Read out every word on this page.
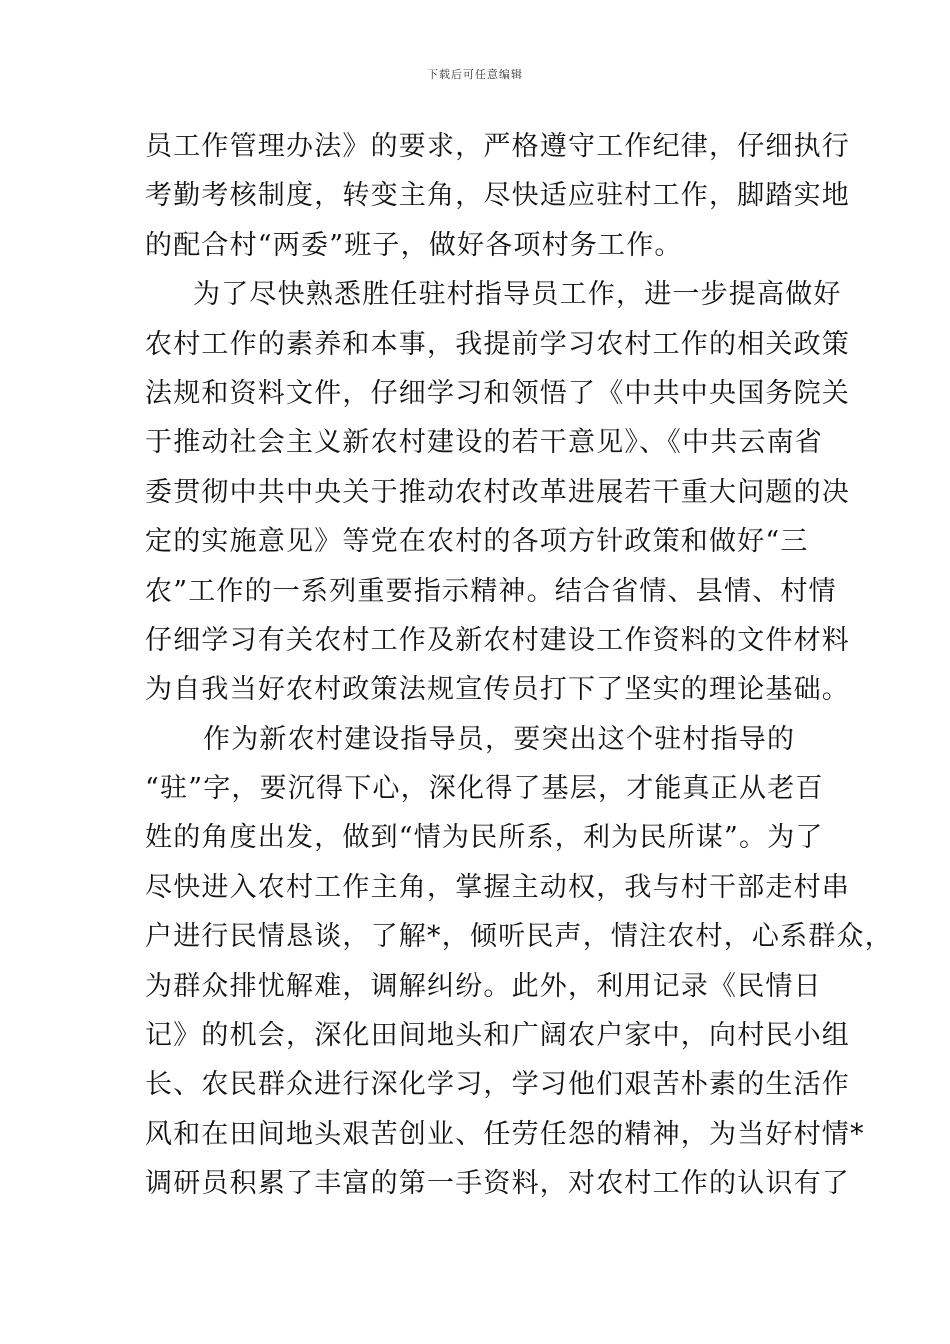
下载后可任意编辑
员工作管理办法》的要求，严格遵守工作纪律，仔细执行
考勤考核制度，转变主角，尽快适应驻村工作，脚踏实地
的配合村“两委”班子，做好各项村务工作。
为了尽快熟悉胜任驻村指导员工作，进一步提高做好
农村工作的素养和本事，我提前学习农村工作的相关政策
法规和资料文件，仔细学习和领悟了《中共中央国务院关
于推动社会主义新农村建设的若干意见》、《中共云南省
委贯彻中共中央关于推动农村改革进展若干重大问题的决
定的实施意见》等党在农村的各项方针政策和做好“三
农”工作的一系列重要指示精神。结合省情、县情、村情
仔细学习有关农村工作及新农村建设工作资料的文件材料
为自我当好农村政策法规宣传员打下了坚实的理论基础。
作为新农村建设指导员，要突出这个驻村指导的
“驻”字，要沉得下心，深化得了基层，才能真正从老百
姓的角度出发，做到“情为民所系，利为民所谋”。为了
尽快进入农村工作主角，掌握主动权，我与村干部走村串
户进行民情恳谈，了解*，倾听民声，情注农村，心系群众，
为群众排忧解难，调解纠纷。此外，利用记录《民情日
记》的机会，深化田间地头和广阔农户家中，向村民小组
长、农民群众进行深化学习，学习他们艰苦朴素的生活作
风和在田间地头艰苦创业、任劳任怨的精神，为当好村情*
调研员积累了丰富的第一手资料，对农村工作的认识有了
